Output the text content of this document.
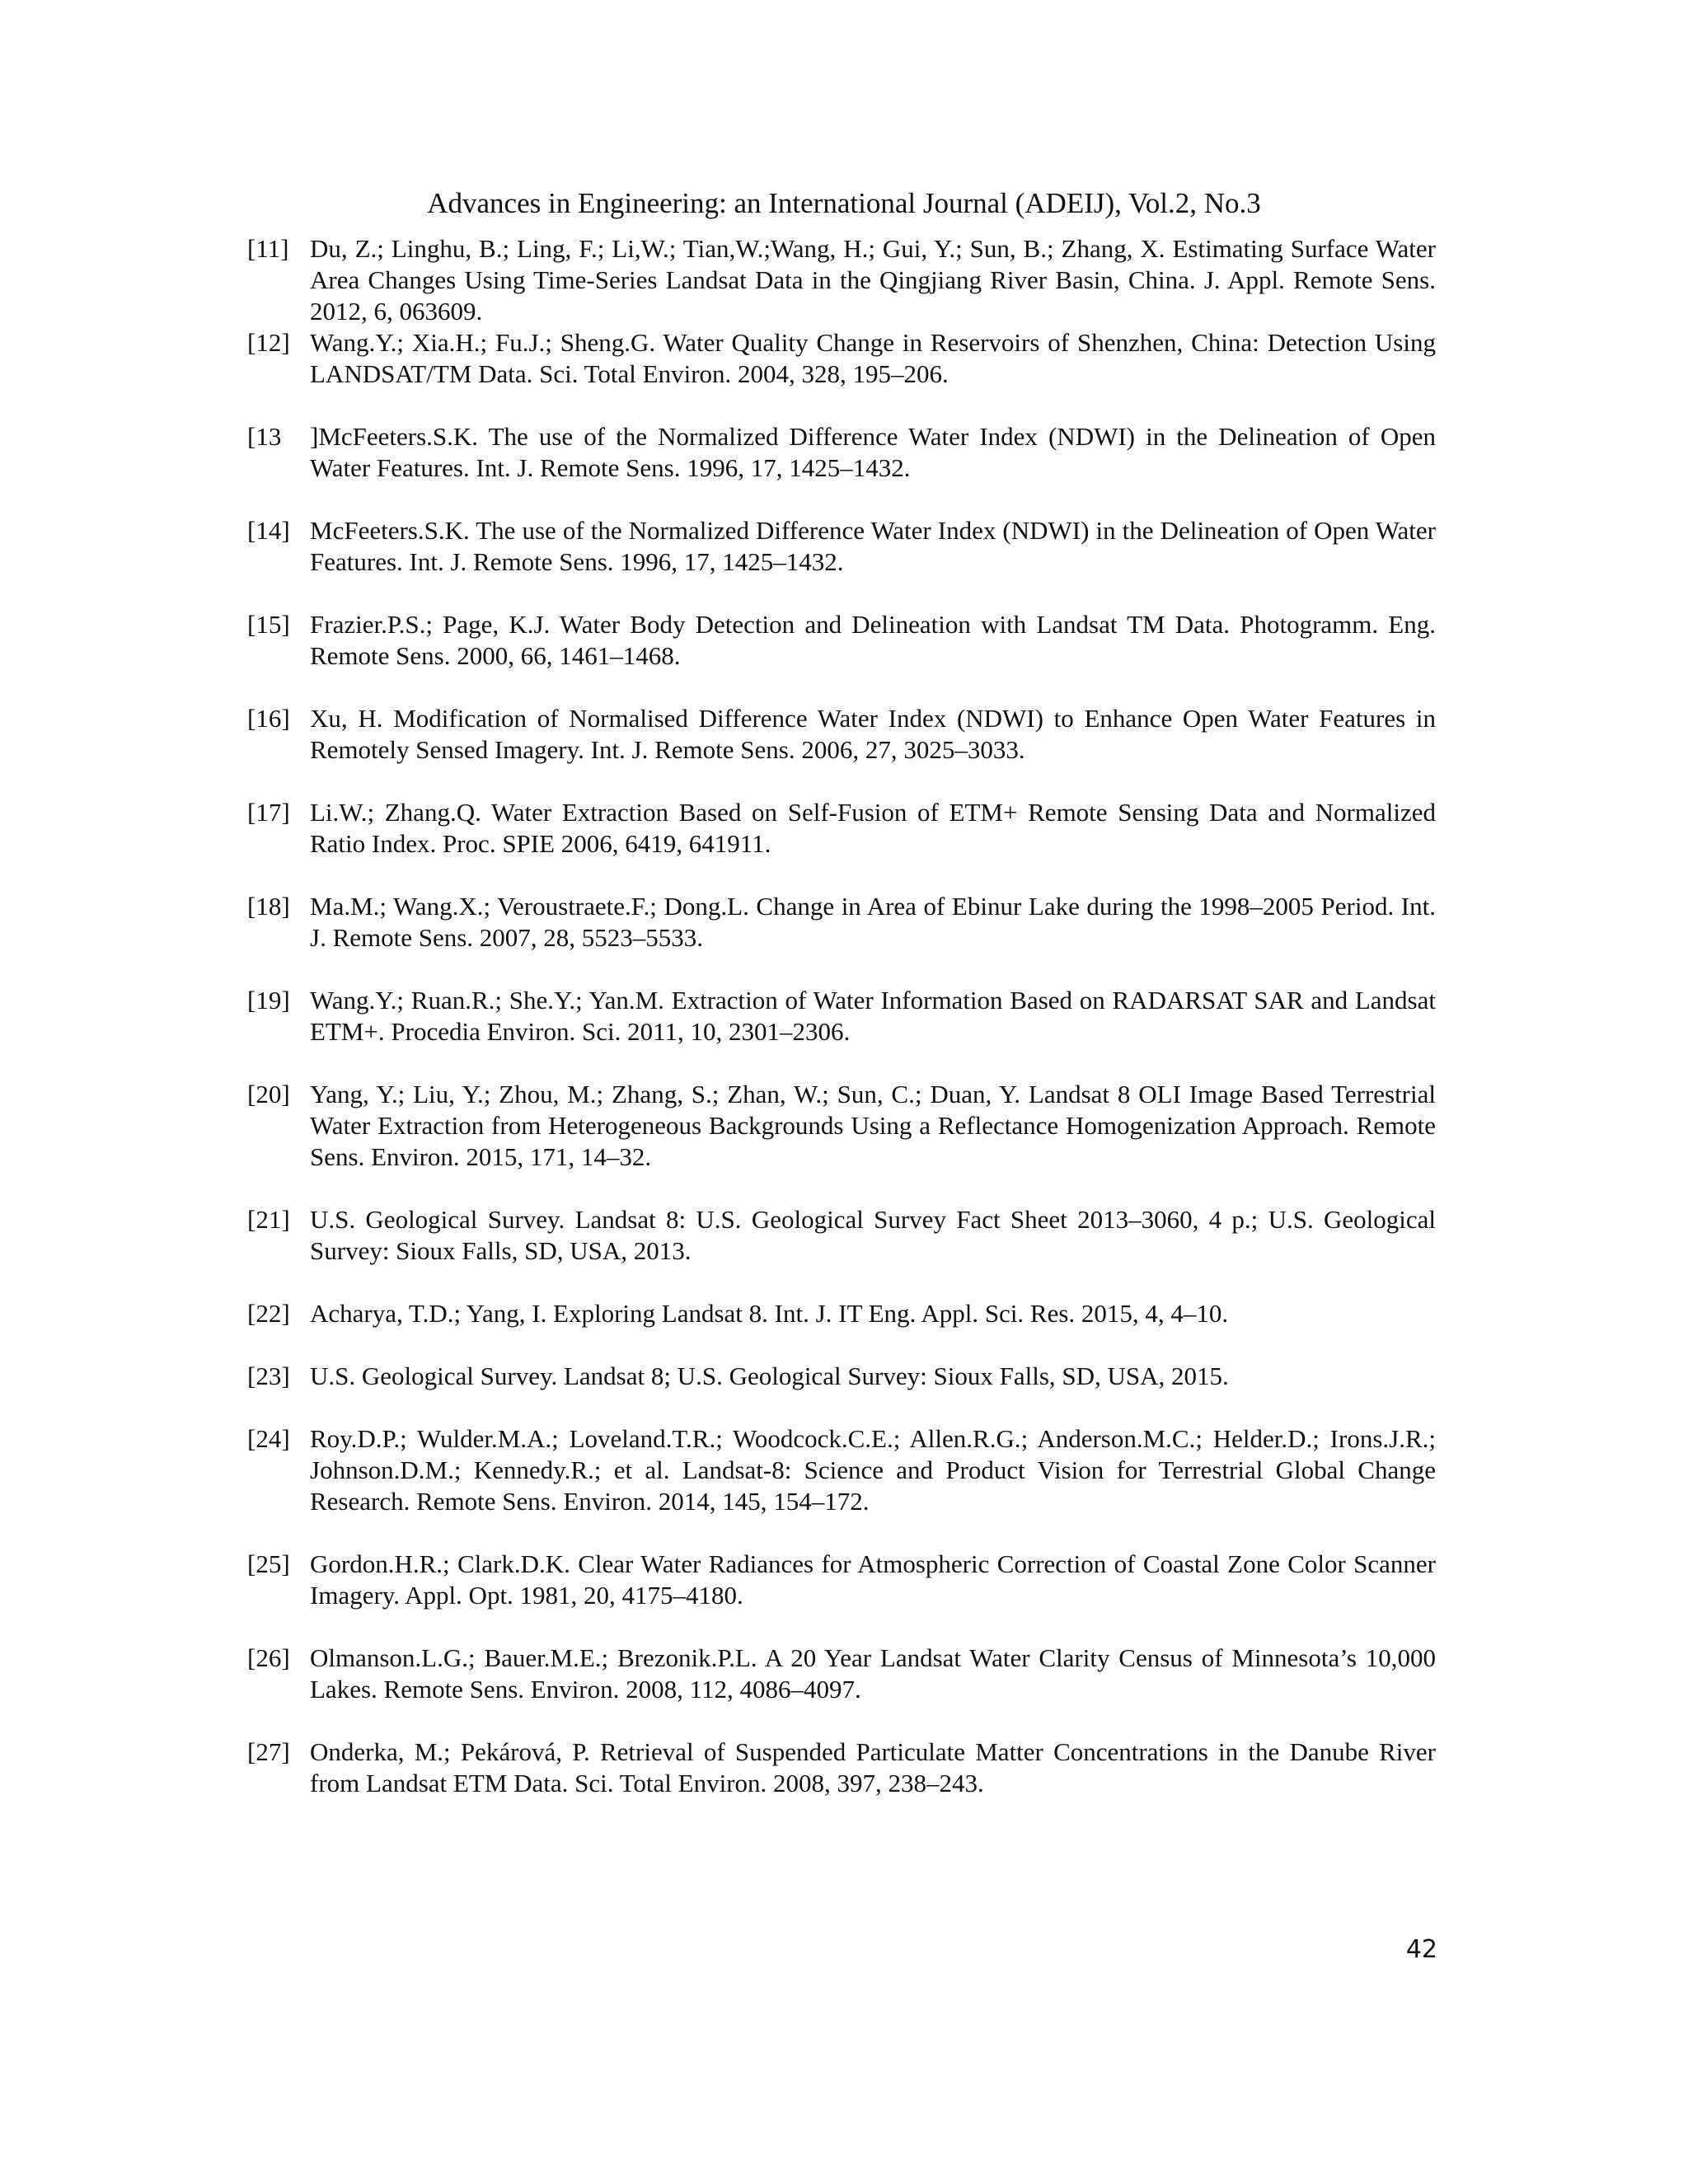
Advances in Engineering: an International Journal (ADEIJ), Vol.2, No.3
[11] Du, Z.; Linghu, B.; Ling, F.; Li,W.; Tian,W.;Wang, H.; Gui, Y.; Sun, B.; Zhang, X. Estimating Surface Water Area Changes Using Time-Series Landsat Data in the Qingjiang River Basin, China. J. Appl. Remote Sens. 2012, 6, 063609.
[12] Wang.Y.; Xia.H.; Fu.J.; Sheng.G. Water Quality Change in Reservoirs of Shenzhen, China: Detection Using LANDSAT/TM Data. Sci. Total Environ. 2004, 328, 195–206.
[13 ]McFeeters.S.K. The use of the Normalized Difference Water Index (NDWI) in the Delineation of Open Water Features. Int. J. Remote Sens. 1996, 17, 1425–1432.
[14] McFeeters.S.K. The use of the Normalized Difference Water Index (NDWI) in the Delineation of Open Water Features. Int. J. Remote Sens. 1996, 17, 1425–1432.
[15] Frazier.P.S.; Page, K.J. Water Body Detection and Delineation with Landsat TM Data. Photogramm. Eng. Remote Sens. 2000, 66, 1461–1468.
[16] Xu, H. Modification of Normalised Difference Water Index (NDWI) to Enhance Open Water Features in Remotely Sensed Imagery. Int. J. Remote Sens. 2006, 27, 3025–3033.
[17] Li.W.; Zhang.Q. Water Extraction Based on Self-Fusion of ETM+ Remote Sensing Data and Normalized Ratio Index. Proc. SPIE 2006, 6419, 641911.
[18] Ma.M.; Wang.X.; Veroustraete.F.; Dong.L. Change in Area of Ebinur Lake during the 1998–2005 Period. Int. J. Remote Sens. 2007, 28, 5523–5533.
[19] Wang.Y.; Ruan.R.; She.Y.; Yan.M. Extraction of Water Information Based on RADARSAT SAR and Landsat ETM+. Procedia Environ. Sci. 2011, 10, 2301–2306.
[20] Yang, Y.; Liu, Y.; Zhou, M.; Zhang, S.; Zhan, W.; Sun, C.; Duan, Y. Landsat 8 OLI Image Based Terrestrial Water Extraction from Heterogeneous Backgrounds Using a Reflectance Homogenization Approach. Remote Sens. Environ. 2015, 171, 14–32.
[21] U.S. Geological Survey. Landsat 8: U.S. Geological Survey Fact Sheet 2013–3060, 4 p.; U.S. Geological Survey: Sioux Falls, SD, USA, 2013.
[22] Acharya, T.D.; Yang, I. Exploring Landsat 8. Int. J. IT Eng. Appl. Sci. Res. 2015, 4, 4–10.
[23] U.S. Geological Survey. Landsat 8; U.S. Geological Survey: Sioux Falls, SD, USA, 2015.
[24] Roy.D.P.; Wulder.M.A.; Loveland.T.R.; Woodcock.C.E.; Allen.R.G.; Anderson.M.C.; Helder.D.; Irons.J.R.; Johnson.D.M.; Kennedy.R.; et al. Landsat-8: Science and Product Vision for Terrestrial Global Change Research. Remote Sens. Environ. 2014, 145, 154–172.
[25] Gordon.H.R.; Clark.D.K. Clear Water Radiances for Atmospheric Correction of Coastal Zone Color Scanner Imagery. Appl. Opt. 1981, 20, 4175–4180.
[26] Olmanson.L.G.; Bauer.M.E.; Brezonik.P.L. A 20 Year Landsat Water Clarity Census of Minnesota’s 10,000 Lakes. Remote Sens. Environ. 2008, 112, 4086–4097.
[27] Onderka, M.; Pekárová, P. Retrieval of Suspended Particulate Matter Concentrations in the Danube River from Landsat ETM Data. Sci. Total Environ. 2008, 397, 238–243.
42
